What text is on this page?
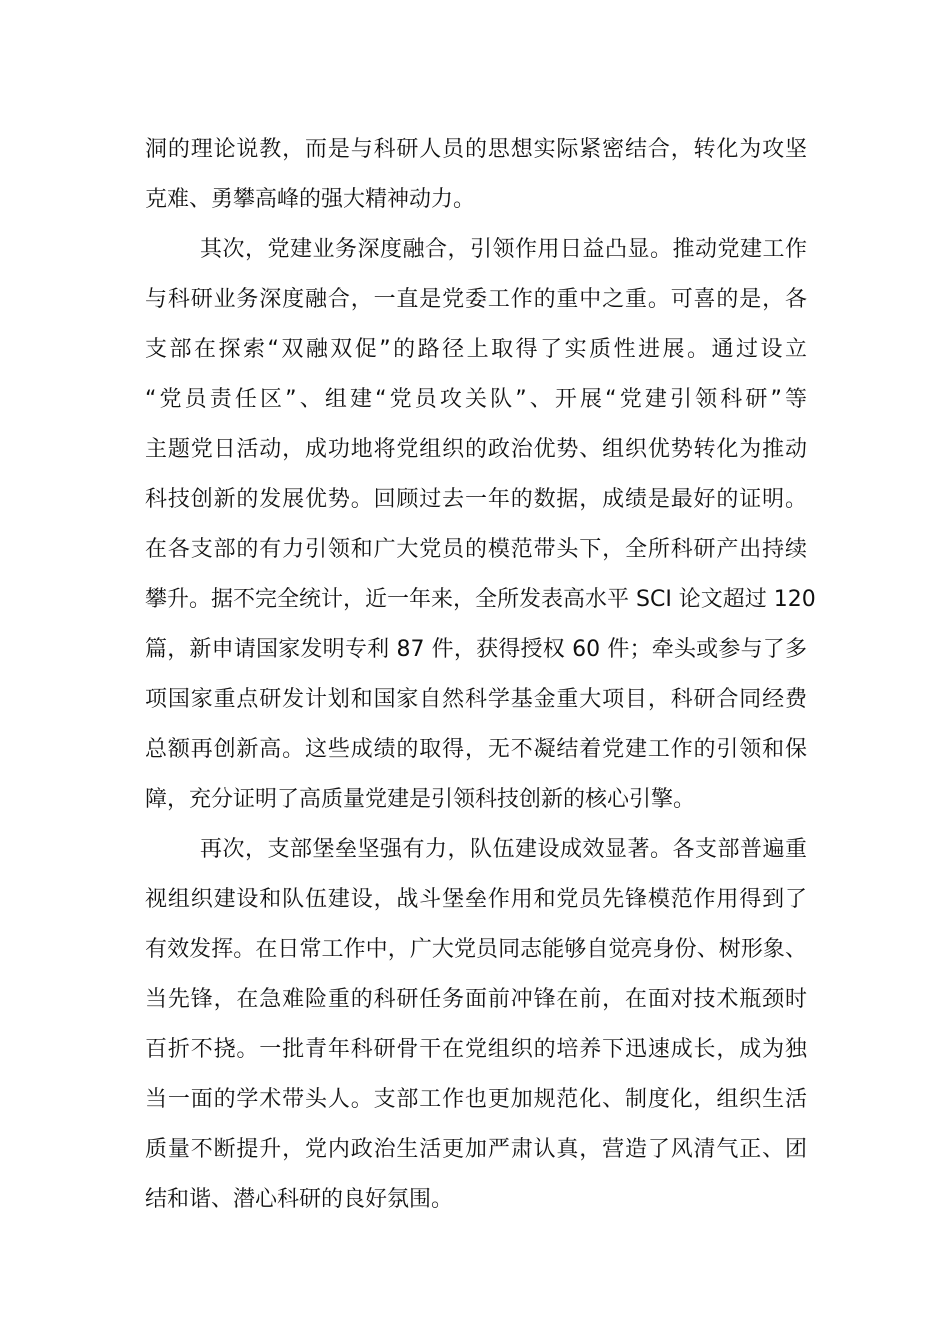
洞的理论说教，而是与科研人员的思想实际紧密结合，转化为攻坚
克难、勇攀高峰的强大精神动力。
其次，党建业务深度融合，引领作用日益凸显。推动党建工作
与科研业务深度融合，一直是党委工作的重中之重。可喜的是，各
支部在探索“双融双促”的路径上取得了实质性进展。通过设立
“党员责任区”、组建“党员攻关队”、开展“党建引领科研”等
主题党日活动，成功地将党组织的政治优势、组织优势转化为推动
科技创新的发展优势。回顾过去一年的数据，成绩是最好的证明。
在各支部的有力引领和广大党员的模范带头下，全所科研产出持续
攀升。据不完全统计，近一年来，全所发表高水平 SCI 论文超过 120
篇，新申请国家发明专利 87 件，获得授权 60 件；牵头或参与了多
项国家重点研发计划和国家自然科学基金重大项目，科研合同经费
总额再创新高。这些成绩的取得，无不凝结着党建工作的引领和保
障，充分证明了高质量党建是引领科技创新的核心引擎。
再次，支部堡垒坚强有力，队伍建设成效显著。各支部普遍重
视组织建设和队伍建设，战斗堡垒作用和党员先锋模范作用得到了
有效发挥。在日常工作中，广大党员同志能够自觉亮身份、树形象、
当先锋，在急难险重的科研任务面前冲锋在前，在面对技术瓶颈时
百折不挠。一批青年科研骨干在党组织的培养下迅速成长，成为独
当一面的学术带头人。支部工作也更加规范化、制度化，组织生活
质量不断提升，党内政治生活更加严肃认真，营造了风清气正、团
结和谐、潜心科研的良好氛围。
